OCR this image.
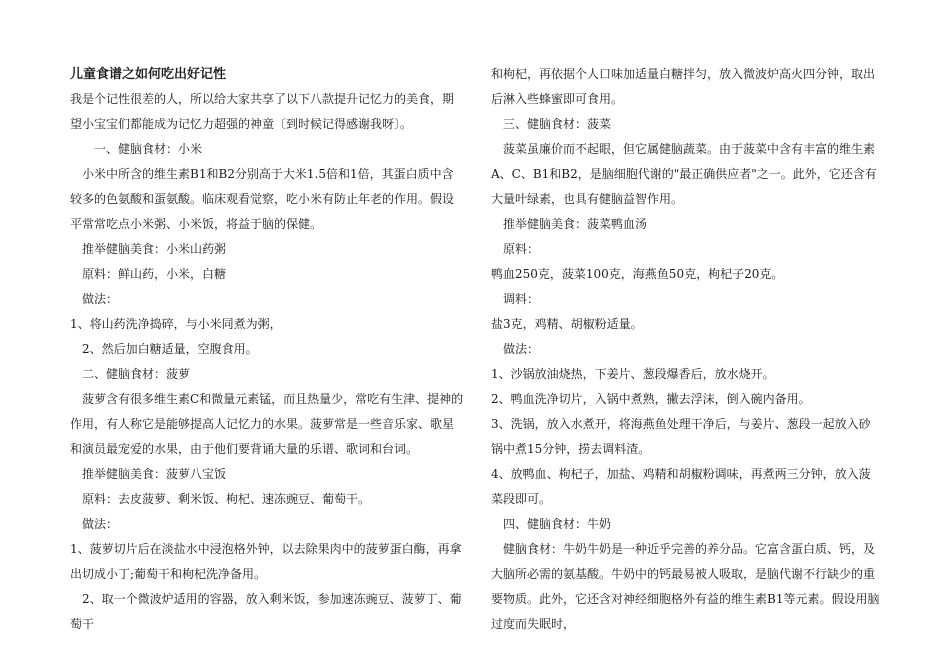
儿童食谱之如何吃出好记性

我是个记性很差的人，所以给大家共享了以下八款提升记忆力的美食，期望小宝宝们都能成为记忆力超强的神童〔到时候记得感谢我呀〕。

一、健脑食材：小米

小米中所含的维生素B1和B2分别高于大米1.5倍和1倍，其蛋白质中含较多的色氨酸和蛋氨酸。临床观看觉察，吃小米有防止年老的作用。假设平常常吃点小米粥、小米饭，将益于脑的保健。

推举健脑美食：小米山药粥

原料：鲜山药，小米，白糖

做法：

1、将山药洗净捣碎，与小米同煮为粥，

2、然后加白糖适量，空腹食用。

二、健脑食材：菠萝

菠萝含有很多维生素C和微量元素锰，而且热量少，常吃有生津、提神的作用，有人称它是能够提高人记忆力的水果。菠萝常是一些音乐家、歌星和演员最宠爱的水果，由于他们要背诵大量的乐谱、歌词和台词。

推举健脑美食：菠萝八宝饭

原料：去皮菠萝、剩米饭、枸杞、速冻豌豆、葡萄干。

做法：

1、菠萝切片后在淡盐水中浸泡格外钟，以去除果肉中的菠萝蛋白酶，再拿出切成小丁;葡萄干和枸杞洗净备用。

2、取一个微波炉适用的容器，放入剩米饭，参加速冻豌豆、菠萝丁、葡萄干

和枸杞，再依据个人口味加适量白糖拌匀，放入微波炉高火四分钟，取出后淋入些蜂蜜即可食用。

三、健脑食材：菠菜

菠菜虽廉价而不起眼，但它属健脑蔬菜。由于菠菜中含有丰富的维生素A、C、B1和B2，是脑细胞代谢的"最正确供应者"之一。此外，它还含有大量叶绿素，也具有健脑益智作用。

推举健脑美食：菠菜鸭血汤

原料：

鸭血250克，菠菜100克，海燕鱼50克，枸杞子20克。

调料：

盐3克，鸡精、胡椒粉适量。

做法：

1、沙锅放油烧热，下姜片、葱段爆香后，放水烧开。

2、鸭血洗净切片，入锅中煮熟，撇去浮沫，倒入碗内备用。

3、洗锅，放入水煮开，将海燕鱼处理干净后，与姜片、葱段一起放入砂锅中煮15分钟，捞去调料渣。

4、放鸭血、枸杞子，加盐、鸡精和胡椒粉调味，再煮两三分钟，放入菠菜段即可。

四、健脑食材：牛奶

健脑食材：牛奶牛奶是一种近乎完善的养分品。它富含蛋白质、钙，及大脑所必需的氨基酸。牛奶中的钙最易被人吸取，是脑代谢不行缺少的重要物质。此外，它还含对神经细胞格外有益的维生素B1等元素。假设用脑过度而失眠时，
